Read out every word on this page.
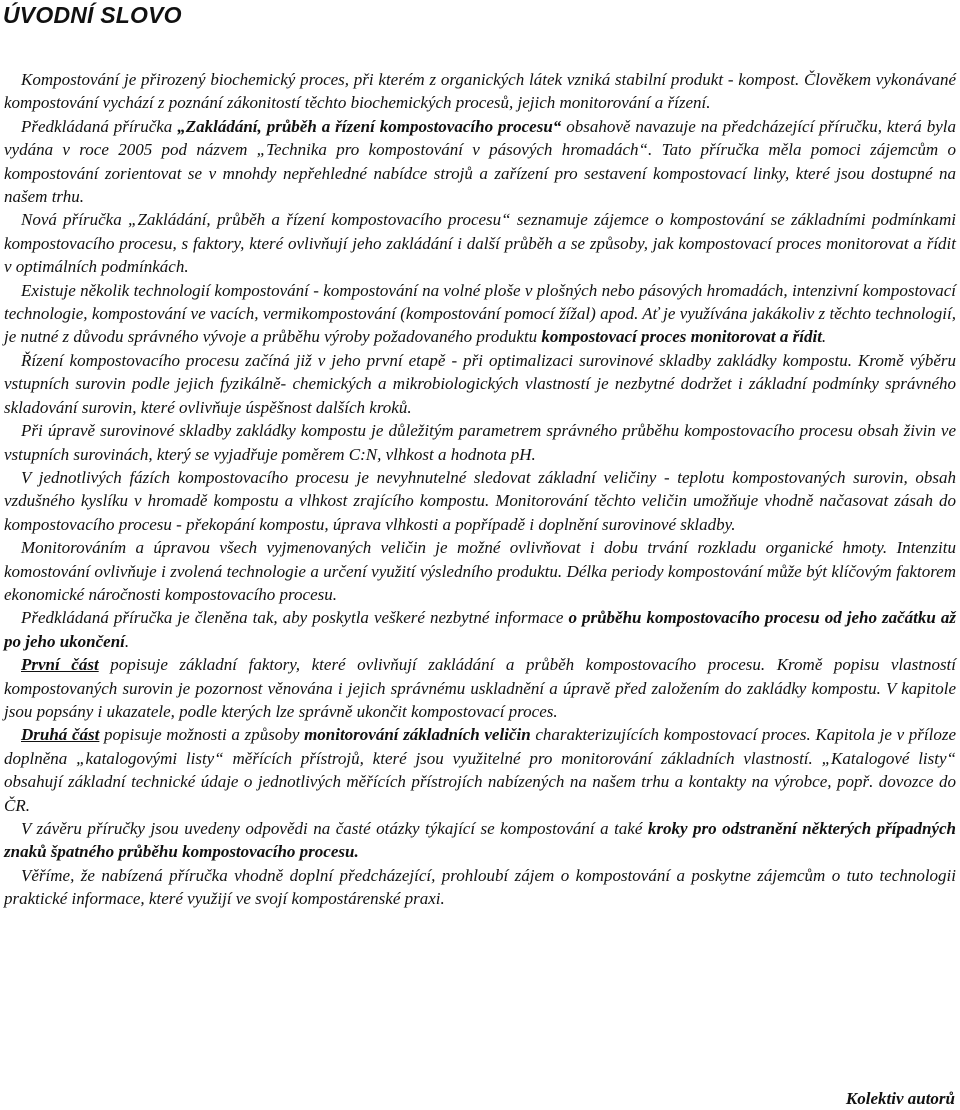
ÚVODNÍ SLOVO

Kompostování je přirozený biochemický proces, při kterém z organických látek vzniká stabilní produkt - kompost. Člověkem vykonávané kompostování vychází z poznání zákonitostí těchto biochemických procesů, jejich monitorování a řízení.

Předkládaná příručka „Zakládání, průběh a řízení kompostovacího procesu“ obsahově navazuje na předcházející příručku, která byla vydána v roce 2005 pod názvem „Technika pro kompostování v pásových hromadách“. Tato příručka měla pomoci zájemcům o kompostování zorientovat se v mnohdy nepřehledné nabídce strojů a zařízení pro sestavení kompostovací linky, které jsou dostupné na našem trhu.

Nová příručka „Zakládání, průběh a řízení kompostovacího procesu“ seznamuje zájemce o kompostování se základními podmínkami kompostovacího procesu, s faktory, které ovlivňují jeho zakládání i další průběh a se způsoby, jak kompostovací proces monitorovat a řídit v optimálních podmínkách.

Existuje několik technologií kompostování - kompostování na volné ploše v plošných nebo pásových hromadách, intenzivní kompostovací technologie, kompostování ve vacích, vermikompostování (kompostování pomocí žížal) apod. Ať je využívána jakákoliv z těchto technologií, je nutné z důvodu správného vývoje a průběhu výroby požadovaného produktu kompostovací proces monitorovat a řídit.

Řízení kompostovacího procesu začíná již v jeho první etapě - při optimalizaci surovinové skladby zakládky kompostu. Kromě výběru vstupních surovin podle jejich fyzikálně- chemických a mikrobiologických vlastností je nezbytné dodržet i základní podmínky správného skladování surovin, které ovlivňuje úspěšnost dalších kroků.

Při úpravě surovinové skladby zakládky kompostu je důležitým parametrem správného průběhu kompostovacího procesu obsah živin ve vstupních surovinách, který se vyjadřuje poměrem C:N, vlhkost a hodnota pH.

V jednotlivých fázích kompostovacího procesu je nevyhnutelné sledovat základní veličiny - teplotu kompostovaných surovin, obsah vzdušného kyslíku v hromadě kompostu a vlhkost zrajícího kompostu. Monitorování těchto veličin umožňuje vhodně načasovat zásah do kompostovacího procesu - překopání kompostu, úprava vlhkosti a popřípadě i doplnění surovinové skladby.

Monitorováním a úpravou všech vyjmenovaných veličin je možné ovlivňovat i dobu trvání rozkladu organické hmoty. Intenzitu komostování ovlivňuje i zvolená technologie a určení využití výsledního produktu. Délka periody kompostování může být klíčovým faktorem ekonomické náročnosti kompostovacího procesu.

Předkládaná příručka je členěna tak, aby poskytla veškeré nezbytné informace o průběhu kompostovacího procesu od jeho začátku až po jeho ukončení.

První část popisuje základní faktory, které ovlivňují zakládání a průběh kompostovacího procesu. Kromě popisu vlastností kompostovaných surovin je pozornost věnována i jejich správnému uskladnění a úpravě před založením do zakládky kompostu. V kapitole jsou popsány i ukazatele, podle kterých lze správně ukončit kompostovací proces.

Druhá část popisuje možnosti a způsoby monitorování základních veličin charakterizujících kompostovací proces. Kapitola je v příloze doplněna „katalogovými listy“ měřících přístrojů, které jsou využitelné pro monitorování základních vlastností. „Katalogové listy“ obsahují základní technické údaje o jednotlivých měřících přístrojích nabízených na našem trhu a kontakty na výrobce, popř. dovozce do ČR.

V závěru příručky jsou uvedeny odpovědi na časté otázky týkající se kompostování a také kroky pro odstranění některých případných znaků špatného průběhu kompostovacího procesu.

Věříme, že nabízená příručka vhodně doplní předcházející, prohloubí zájem o kompostování a poskytne zájemcům o tuto technologii praktické informace, které využijí ve svojí kompostárenské praxi.

Kolektiv autorů
